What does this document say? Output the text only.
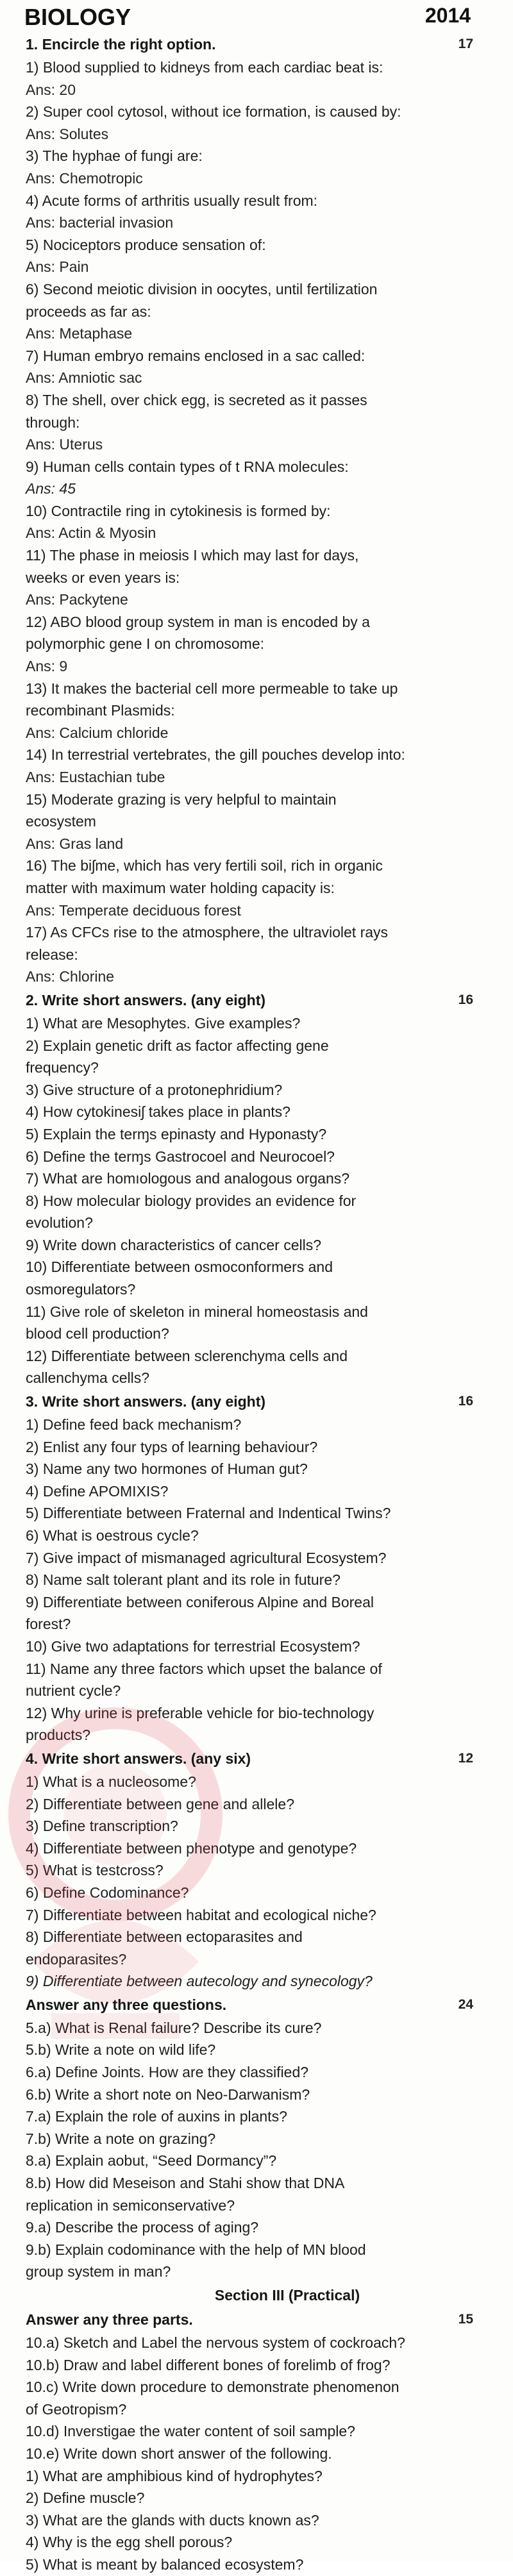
BIOLOGY	2014
1. Encircle the right option.	17
1) Blood supplied to kidneys from each cardiac beat is:
Ans: 20
2) Super cool cytosol, without ice formation, is caused by:
Ans: Solutes
3) The hyphae of fungi are:
Ans: Chemotropic
4) Acute forms of arthritis usually result from:
Ans: bacterial invasion
5) Nociceptors produce sensation of:
Ans: Pain
6) Second meiotic division in oocytes, until fertilization
proceeds as far as:
Ans: Metaphase
7) Human embryo remains enclosed in a sac called:
Ans: Amniotic sac
8) The shell, over chick egg, is secreted as it passes
through:
Ans: Uterus
9) Human cells contain types of t RNA molecules:
Ans: 45
10) Contractile ring in cytokinesis is formed by:
Ans: Actin & Myosin
11) The phase in meiosis I which may last for days,
weeks or even years is:
Ans: Packytene
12) ABO blood group system in man is encoded by a
polymorphic gene I on chromosome:
Ans: 9
13) It makes the bacterial cell more permeable to take up
recombinant Plasmids:
Ans: Calcium chloride
14) In terrestrial vertebrates, the gill pouches develop into:
Ans: Eustachian tube
15) Moderate grazing is very helpful to maintain
ecosystem
Ans: Gras land
16) The biʃme, which has very fertili soil, rich in organic
matter with maximum water holding capacity is:
Ans: Temperate deciduous forest
17) As CFCs rise to the atmosphere, the ultraviolet rays
release:
Ans: Chlorine
2. Write short answers. (any eight)	16
1) What are Mesophytes. Give examples?
2) Explain genetic drift as factor affecting gene
frequency?
3) Give structure of a protonephridium?
4) How cytokinesiʃ takes place in plants?
5) Explain the terɱs epinasty and Hyponasty?
6) Define the terɱs Gastrocoel and Neurocoel?
7) What are homıologous and analogous organs?
8) How molecular biology provides an evidence for
evolution?
9) Write down characteristics of cancer cells?
10) Differentiate between osmoconformers and
osmoregulators?
11) Give role of skeleton in mineral homeostasis and
blood cell production?
12) Differentiate between sclerenchyma cells and
callenchyma cells?
3. Write short answers. (any eight)	16
1) Define feed back mechanism?
2) Enlist any four typs of learning behaviour?
3) Name any two hormones of Human gut?
4) Define APOMIXIS?
5) Differentiate between Fraternal and Indentical Twins?
6) What is oestrous cycle?
7) Give impact of mismanaged agricultural Ecosystem?
8) Name salt tolerant plant and its role in future?
9) Differentiate between coniferous Alpine and Boreal
forest?
10) Give two adaptations for terrestrial Ecosystem?
11) Name any three factors which upset the balance of
nutrient cycle?
12) Why urine is preferable vehicle for bio-technology
products?
4. Write short answers. (any six)	12
1) What is a nucleosome?
2) Differentiate between gene and allele?
3) Define transcription?
4) Differentiate between phenotype and genotype?
5) What is testcross?
6) Define Codominance?
7) Differentiate between habitat and ecological niche?
8) Differentiate between ectoparasites and
endoparasites?
9) Differentiate between autecology and synecology?
Answer any three questions.	24
5.a) What is Renal failure? Describe its cure?
5.b) Write a note on wild life?
6.a) Define Joints. How are they classified?
6.b) Write a short note on Neo-Darwanism?
7.a) Explain the role of auxins in plants?
7.b) Write a note on grazing?
8.a) Explain aobut, “Seed Dormancy”?
8.b) How did Meseison and Stahi show that DNA
replication in semiconservative?
9.a) Describe the process of aging?
9.b) Explain codominance with the help of MN blood
group system in man?
Section III (Practical)
Answer any three parts.	15
10.a) Sketch and Label the nervous system of cockroach?
10.b) Draw and label different bones of forelimb of frog?
10.c) Write down procedure to demonstrate phenomenon
of Geotropism?
10.d) Inverstigae the water content of soil sample?
10.e) Write down short answer of the following.
1) What are amphibious kind of hydrophytes?
2) Define muscle?
3) What are the glands with ducts known as?
4) Why is the egg shell porous?
5) What is meant by balanced ecosystem?
